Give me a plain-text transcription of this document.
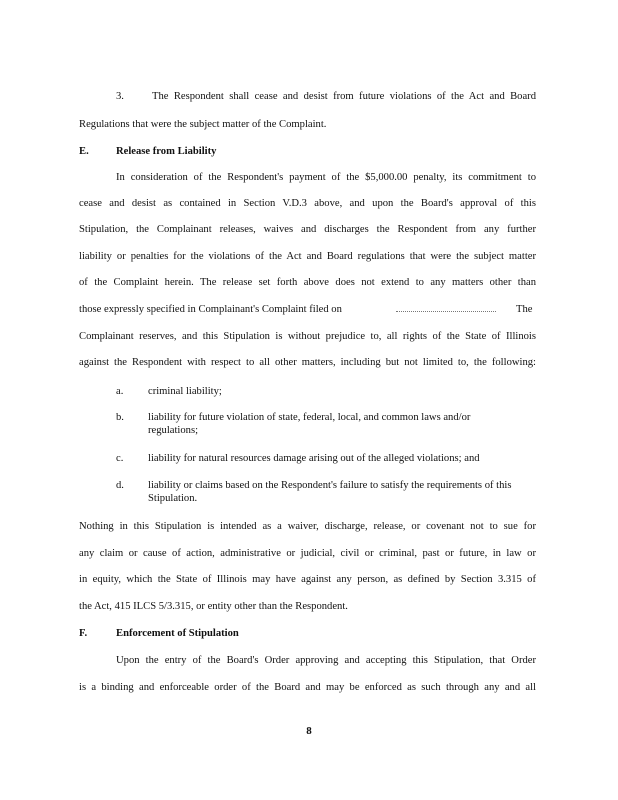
3.	The Respondent shall cease and desist from future violations of the Act and Board
Regulations that were the subject matter of the Complaint.
E.	Release from Liability
In consideration of the Respondent's payment of the $5,000.00 penalty, its commitment to
cease and desist as contained in Section V.D.3 above, and upon the Board's approval of this
Stipulation, the Complainant releases, waives and discharges the Respondent from any further
liability or penalties for the violations of the Act and Board regulations that were the subject matter
of the Complaint herein. The release set forth above does not extend to any matters other than
those expressly specified in Complainant's Complaint filed on	The
Complainant reserves, and this Stipulation is without prejudice to, all rights of the State of Illinois
against the Respondent with respect to all other matters, including but not limited to, the following:
a. criminal liability;
b. liability for future violation of state, federal, local, and common laws and/or regulations;
c. liability for natural resources damage arising out of the alleged violations; and
d. liability or claims based on the Respondent's failure to satisfy the requirements of this Stipulation.
Nothing in this Stipulation is intended as a waiver, discharge, release, or covenant not to sue for
any claim or cause of action, administrative or judicial, civil or criminal, past or future, in law or
in equity, which the State of Illinois may have against any person, as defined by Section 3.315 of
the Act, 415 ILCS 5/3.315, or entity other than the Respondent.
F.	Enforcement of Stipulation
Upon the entry of the Board's Order approving and accepting this Stipulation, that Order
is a binding and enforceable order of the Board and may be enforced as such through any and all
8
